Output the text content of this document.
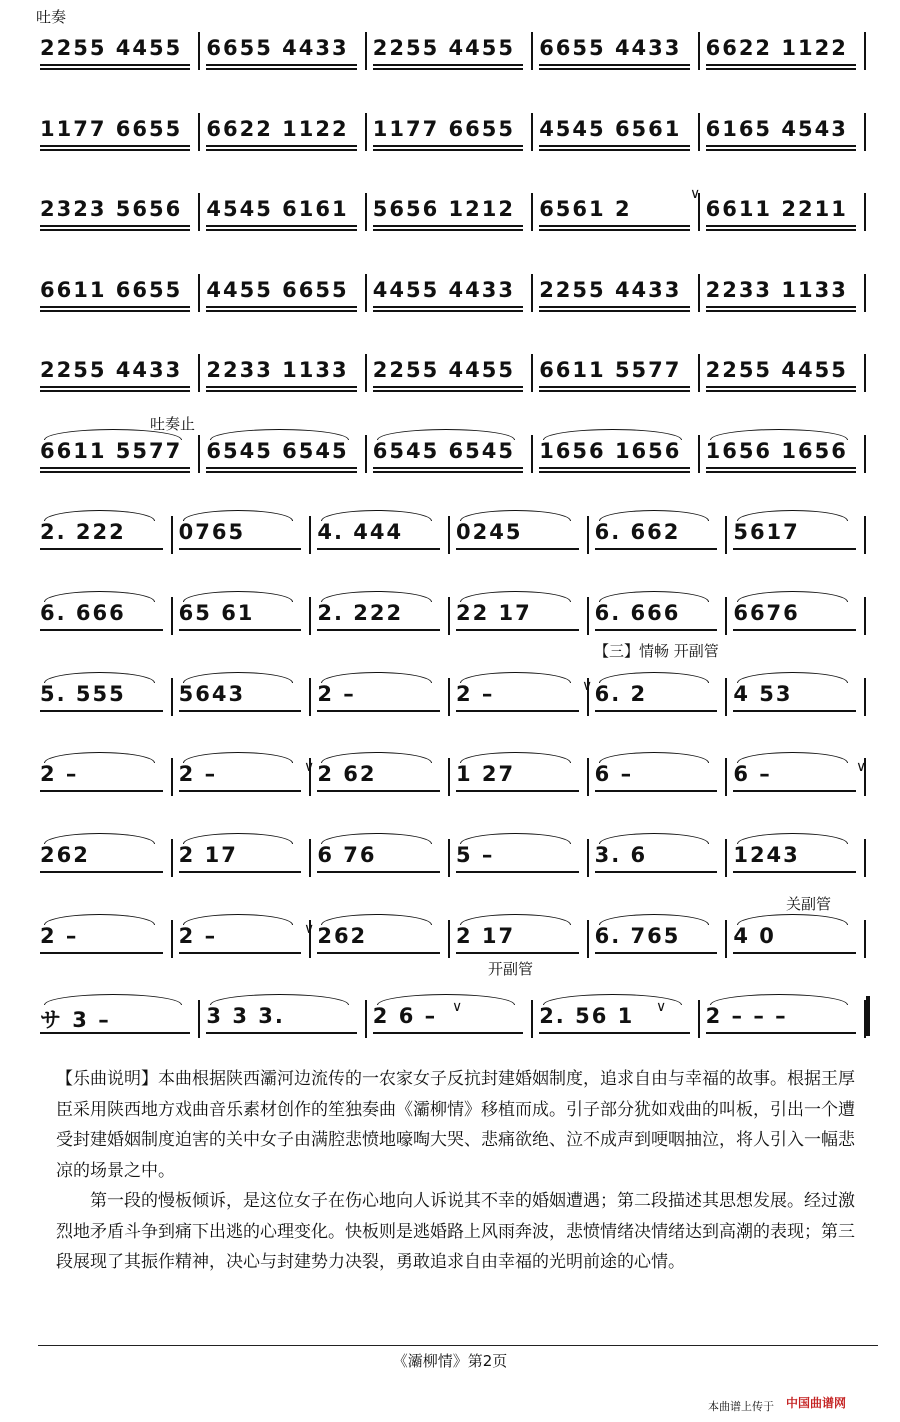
吐奏
吐奏止
【三】情畅 开副管
关副管
开副管
2255 4455 6655 4433 2255 4455 6655 4433 6622 1122
1177 6655 6622 1122 1177 6655 4545 6561 6165 4543
2323 5656 4545 6161 5656 1212 6561 2	6611 2211
6611 6655 4455 6655 4455 4433 2255 4433 2233 1133
2255 4433 2233 1133 2255 4455 6611 5577 2255 4455
6611 5577 6545 6545 6545 6545 1656 1656 1656 1656
2. 222	0765	4. 444	0245	6. 662	5617
6. 666	65 61	2. 222	22 17	6. 666	6676
5. 555	5643	2 –	2 –	6. 2	4 53
2 –	2 –	2 62	1 27	6 –	6 –
262	2 17	6 76	5 –	3. 6	1243
2 –	2 –	262	2 17	6. 765	4 0
サ 3 –	3 3 3.	2 6 –	2. 56 1	2 – – –
∨
∨
∨	∨
∨
∨	∨

【乐曲说明】本曲根据陕西灞河边流传的一农家女子反抗封建婚姻制度，追求自由与幸福的故事。根据王厚臣采用陕西地方戏曲音乐素材创作的笙独奏曲《灞柳情》移植而成。引子部分犹如戏曲的叫板，引出一个遭受封建婚姻制度迫害的关中女子由满腔悲愤地嚎啕大哭、悲痛欲绝、泣不成声到哽咽抽泣，将人引入一幅悲凉的场景之中。

第一段的慢板倾诉，是这位女子在伤心地向人诉说其不幸的婚姻遭遇；第二段描述其思想发展。经过激烈地矛盾斗争到痛下出逃的心理变化。快板则是逃婚路上风雨奔波，悲愤情绪决情绪达到高潮的表现；第三段展现了其振作精神，决心与封建势力决裂，勇敢追求自由幸福的光明前途的心情。

《灞柳情》第2页
本曲谱上传于 中国曲谱网
